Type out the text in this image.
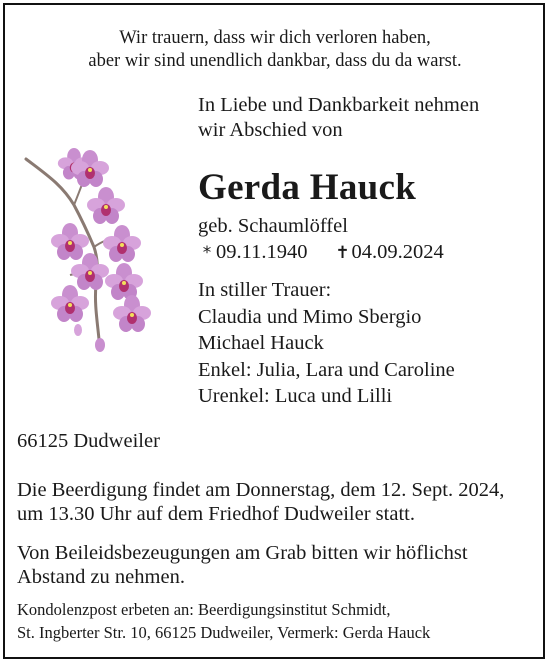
Wir trauern, dass wir dich verloren haben,

aber wir sind unendlich dankbar, dass du da warst.

In Liebe und Dankbarkeit nehmen

wir Abschied von

Gerda Hauck

geb. Schaumlöffel

* 09.11.1940 ✝04.09.2024

In stiller Trauer:
Claudia und Mimo Sbergio
Michael Hauck
Enkel: Julia, Lara und Caroline
Urenkel: Luca und Lilli

66125 Dudweiler

Die Beerdigung findet am Donnerstag, dem 12. Sept. 2024,

um 13.30 Uhr auf dem Friedhof Dudweiler statt.

Von Beileidsbezeugungen am Grab bitten wir höflichst

Abstand zu nehmen.

Kondolenzpost erbeten an: Beerdigungsinstitut Schmidt,

St. Ingberter Str. 10, 66125 Dudweiler, Vermerk: Gerda Hauck
